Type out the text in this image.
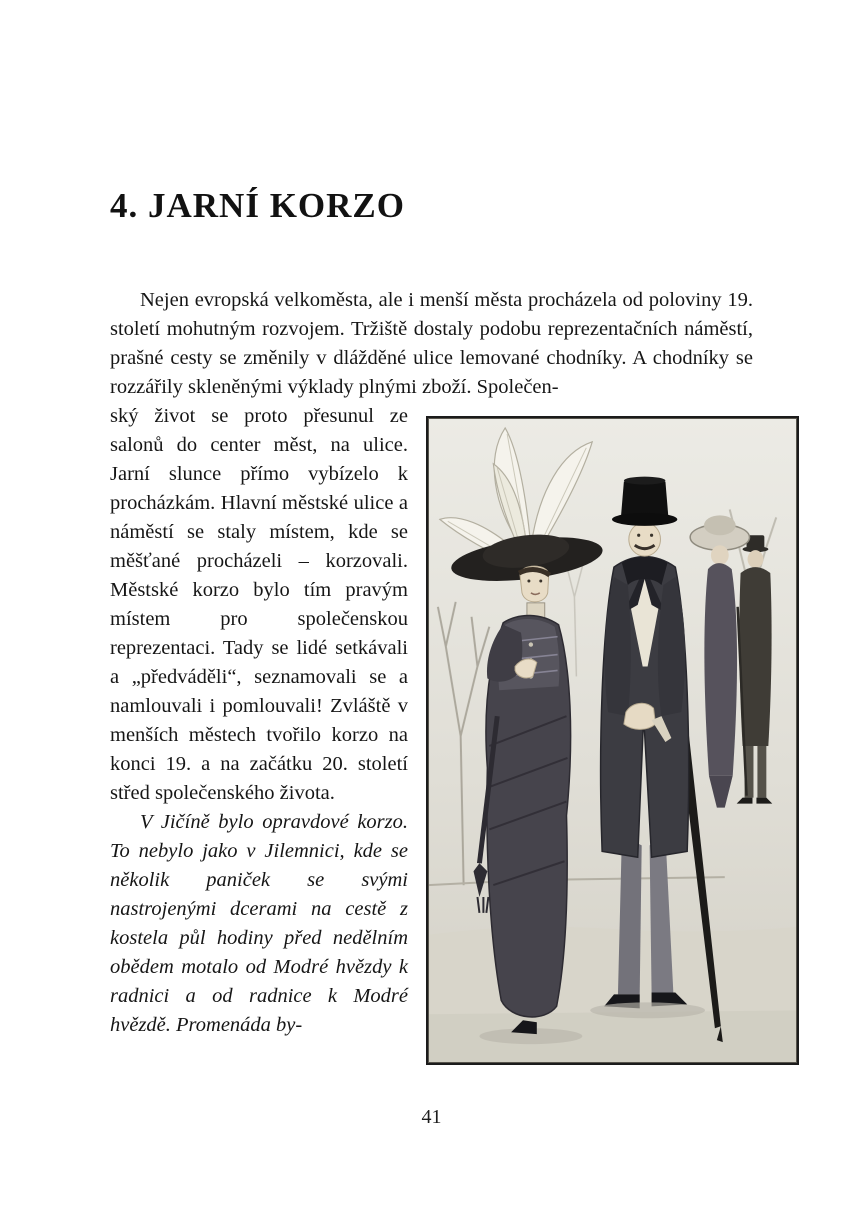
4. JARNÍ KORZO

Nejen evropská velkoměsta, ale i menší města procházela od poloviny 19. století mohutným rozvojem. Tržiště dostaly podobu reprezentačních náměstí, prašné cesty se změnily v dlážděné ulice lemované chodníky. A chodníky se rozzářily skleněnými výklady plnými zboží. Společen-

ský život se proto přesunul ze salonů do center měst, na ulice. Jarní slunce přímo vybízelo k procházkám. Hlavní městské ulice a náměstí se staly místem, kde se měšťané procházeli – korzovali. Městské korzo bylo tím pravým místem pro společenskou reprezentaci. Tady se lidé setkávali a „předváděli“, seznamovali se a namlouvali i pomlouvali! Zvláště v menších městech tvořilo korzo na konci 19. a na začátku 20. století střed společenského života.

V Jičíně bylo opravdové korzo. To nebylo jako v Jilemnici, kde se několik paniček se svými nastrojenými dcerami na cestě z kostela půl hodiny před nedělním obědem motalo od Modré hvězdy k radnici a od radnice k Modré hvězdě. Promenáda by-

41
